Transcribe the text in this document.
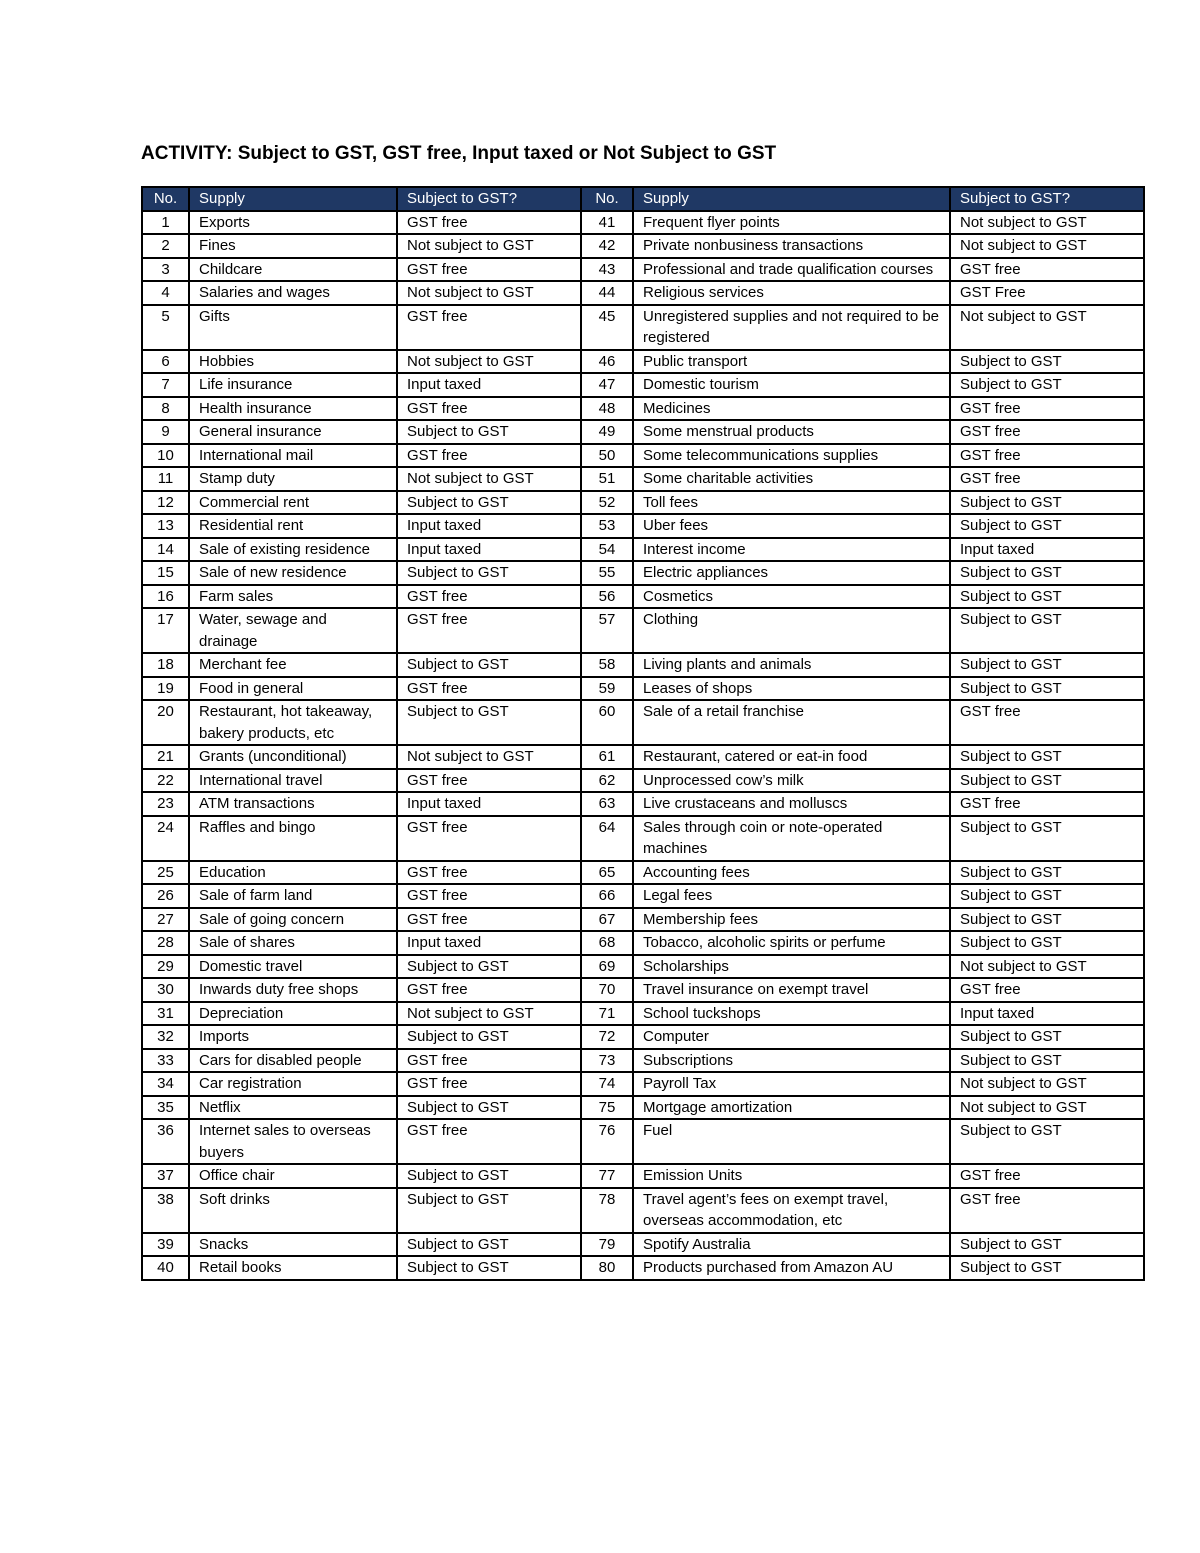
ACTIVITY: Subject to GST, GST free, Input taxed or Not Subject to GST
No.	Supply	Subject to GST?	No.	Supply	Subject to GST?
1	Exports	GST free	41	Frequent flyer points	Not subject to GST
2	Fines	Not subject to GST	42	Private nonbusiness transactions	Not subject to GST
3	Childcare	GST free	43	Professional and trade qualification courses	GST free
4	Salaries and wages	Not subject to GST	44	Religious services	GST Free
5	Gifts	GST free	45	Unregistered supplies and not required to be registered	Not subject to GST
6	Hobbies	Not subject to GST	46	Public transport	Subject to GST
7	Life insurance	Input taxed	47	Domestic tourism	Subject to GST
8	Health insurance	GST free	48	Medicines	GST free
9	General insurance	Subject to GST	49	Some menstrual products	GST free
10	International mail	GST free	50	Some telecommunications supplies	GST free
11	Stamp duty	Not subject to GST	51	Some charitable activities	GST free
12	Commercial rent	Subject to GST	52	Toll fees	Subject to GST
13	Residential rent	Input taxed	53	Uber fees	Subject to GST
14	Sale of existing residence	Input taxed	54	Interest income	Input taxed
15	Sale of new residence	Subject to GST	55	Electric appliances	Subject to GST
16	Farm sales	GST free	56	Cosmetics	Subject to GST
17	Water, sewage and drainage	GST free	57	Clothing	Subject to GST
18	Merchant fee	Subject to GST	58	Living plants and animals	Subject to GST
19	Food in general	GST free	59	Leases of shops	Subject to GST
20	Restaurant, hot takeaway, bakery products, etc	Subject to GST	60	Sale of a retail franchise	GST free
21	Grants (unconditional)	Not subject to GST	61	Restaurant, catered or eat-in food	Subject to GST
22	International travel	GST free	62	Unprocessed cow’s milk	Subject to GST
23	ATM transactions	Input taxed	63	Live crustaceans and molluscs	GST free
24	Raffles and bingo	GST free	64	Sales through coin or note-operated machines	Subject to GST
25	Education	GST free	65	Accounting fees	Subject to GST
26	Sale of farm land	GST free	66	Legal fees	Subject to GST
27	Sale of going concern	GST free	67	Membership fees	Subject to GST
28	Sale of shares	Input taxed	68	Tobacco, alcoholic spirits or perfume	Subject to GST
29	Domestic travel	Subject to GST	69	Scholarships	Not subject to GST
30	Inwards duty free shops	GST free	70	Travel insurance on exempt travel	GST free
31	Depreciation	Not subject to GST	71	School tuckshops	Input taxed
32	Imports	Subject to GST	72	Computer	Subject to GST
33	Cars for disabled people	GST free	73	Subscriptions	Subject to GST
34	Car registration	GST free	74	Payroll Tax	Not subject to GST
35	Netflix	Subject to GST	75	Mortgage amortization	Not subject to GST
36	Internet sales to overseas buyers	GST free	76	Fuel	Subject to GST
37	Office chair	Subject to GST	77	Emission Units	GST free
38	Soft drinks	Subject to GST	78	Travel agent’s fees on exempt travel, overseas accommodation, etc	GST free
39	Snacks	Subject to GST	79	Spotify Australia	Subject to GST
40	Retail books	Subject to GST	80	Products purchased from Amazon AU	Subject to GST
